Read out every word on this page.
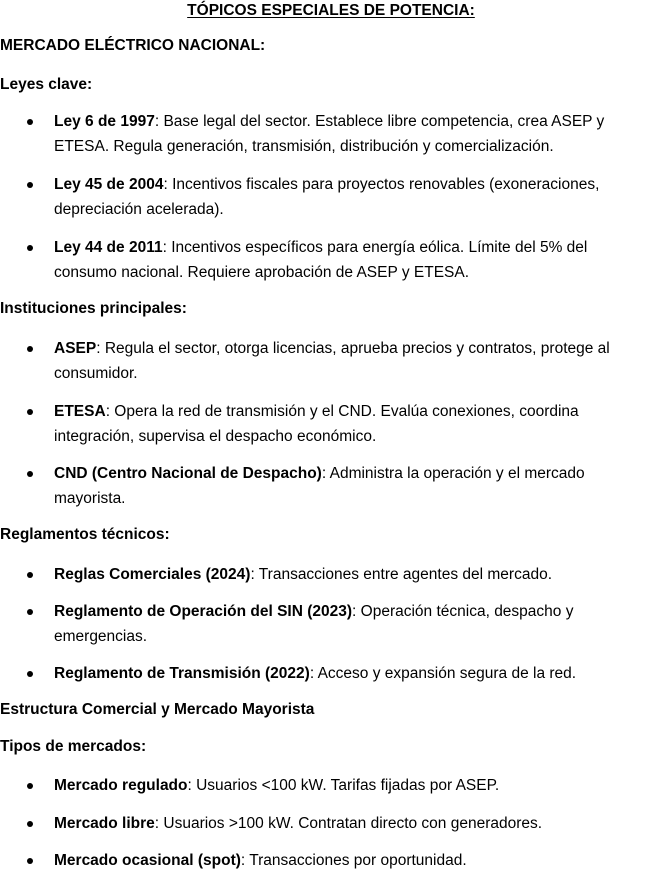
TÓPICOS ESPECIALES DE POTENCIA:
MERCADO ELÉCTRICO NACIONAL:
Leyes clave:
Ley 6 de 1997: Base legal del sector. Establece libre competencia, crea ASEP y ETESA. Regula generación, transmisión, distribución y comercialización.
Ley 45 de 2004: Incentivos fiscales para proyectos renovables (exoneraciones, depreciación acelerada).
Ley 44 de 2011: Incentivos específicos para energía eólica. Límite del 5% del consumo nacional. Requiere aprobación de ASEP y ETESA.
Instituciones principales:
ASEP: Regula el sector, otorga licencias, aprueba precios y contratos, protege al consumidor.
ETESA: Opera la red de transmisión y el CND. Evalúa conexiones, coordina integración, supervisa el despacho económico.
CND (Centro Nacional de Despacho): Administra la operación y el mercado mayorista.
Reglamentos técnicos:
Reglas Comerciales (2024): Transacciones entre agentes del mercado.
Reglamento de Operación del SIN (2023): Operación técnica, despacho y emergencias.
Reglamento de Transmisión (2022): Acceso y expansión segura de la red.
Estructura Comercial y Mercado Mayorista
Tipos de mercados:
Mercado regulado: Usuarios <100 kW. Tarifas fijadas por ASEP.
Mercado libre: Usuarios >100 kW. Contratan directo con generadores.
Mercado ocasional (spot): Transacciones por oportunidad.
